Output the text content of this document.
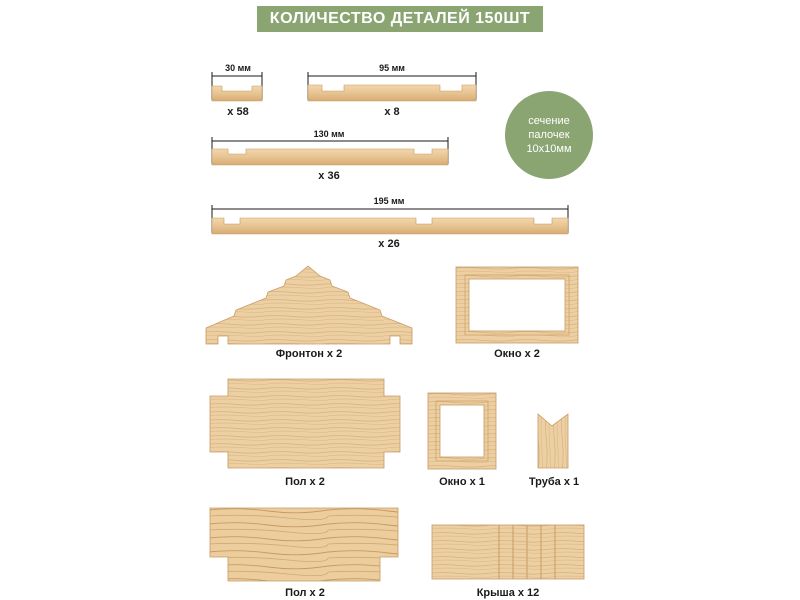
КОЛИЧЕСТВО ДЕТАЛЕЙ 150ШТ
сечение
палочек
10х10мм
30 мм
х 58
95 мм
х 8
130 мм
х 36
195 мм
х 26
Фронтон х 2	Окно х 2
Пол х 2	Окно х 1	Труба х 1
Пол х 2	Крыша х 12
